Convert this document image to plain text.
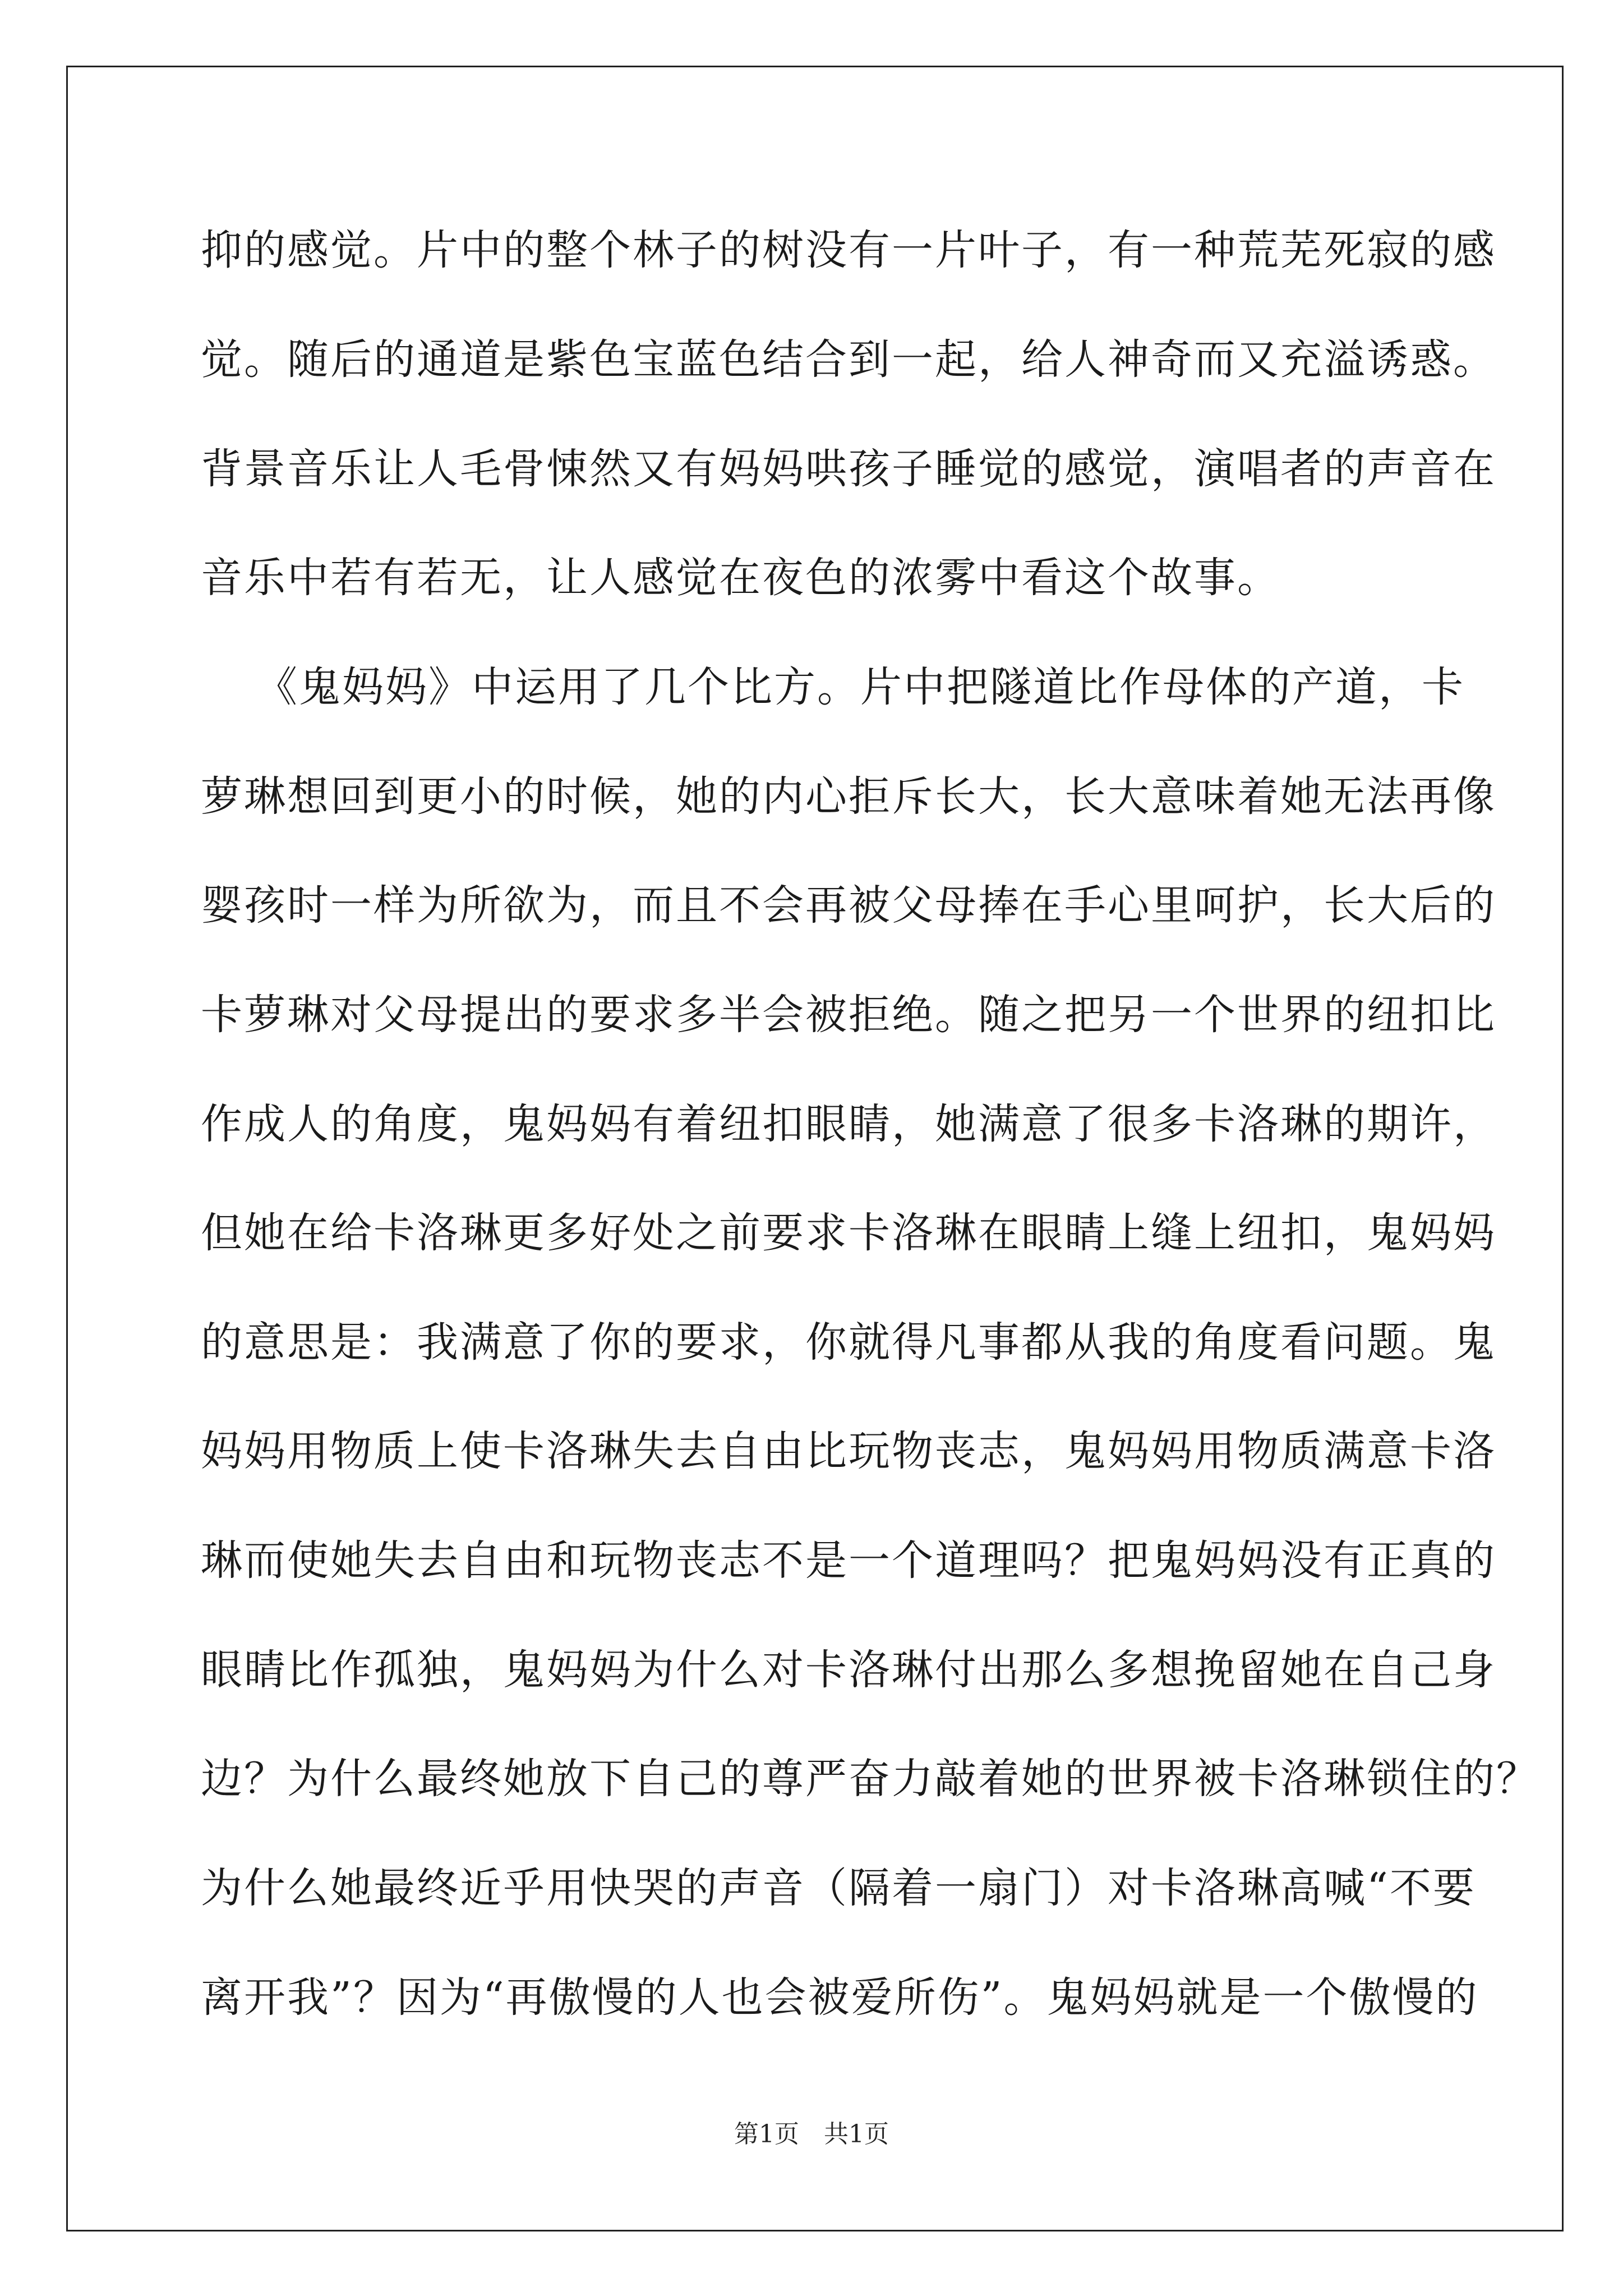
抑的感觉。片中的整个林子的树没有一片叶子，有一种荒芜死寂的感
觉。随后的通道是紫色宝蓝色结合到一起，给人神奇而又充溢诱惑。
背景音乐让人毛骨悚然又有妈妈哄孩子睡觉的感觉，演唱者的声音在
音乐中若有若无，让人感觉在夜色的浓雾中看这个故事。
《鬼妈妈》中运用了几个比方。片中把隧道比作母体的产道，卡
萝琳想回到更小的时候，她的内心拒斥长大，长大意味着她无法再像
婴孩时一样为所欲为，而且不会再被父母捧在手心里呵护，长大后的
卡萝琳对父母提出的要求多半会被拒绝。随之把另一个世界的纽扣比
作成人的角度，鬼妈妈有着纽扣眼睛，她满意了很多卡洛琳的期许，
但她在给卡洛琳更多好处之前要求卡洛琳在眼睛上缝上纽扣，鬼妈妈
的意思是：我满意了你的要求，你就得凡事都从我的角度看问题。鬼
妈妈用物质上使卡洛琳失去自由比玩物丧志，鬼妈妈用物质满意卡洛
琳而使她失去自由和玩物丧志不是一个道理吗？把鬼妈妈没有正真的
眼睛比作孤独，鬼妈妈为什么对卡洛琳付出那么多想挽留她在自己身
边？为什么最终她放下自己的尊严奋力敲着她的世界被卡洛琳锁住的？
为什么她最终近乎用快哭的声音（隔着一扇门）对卡洛琳高喊“不要
离开我”？因为“再傲慢的人也会被爱所伤”。鬼妈妈就是一个傲慢的
第1页　共1页
